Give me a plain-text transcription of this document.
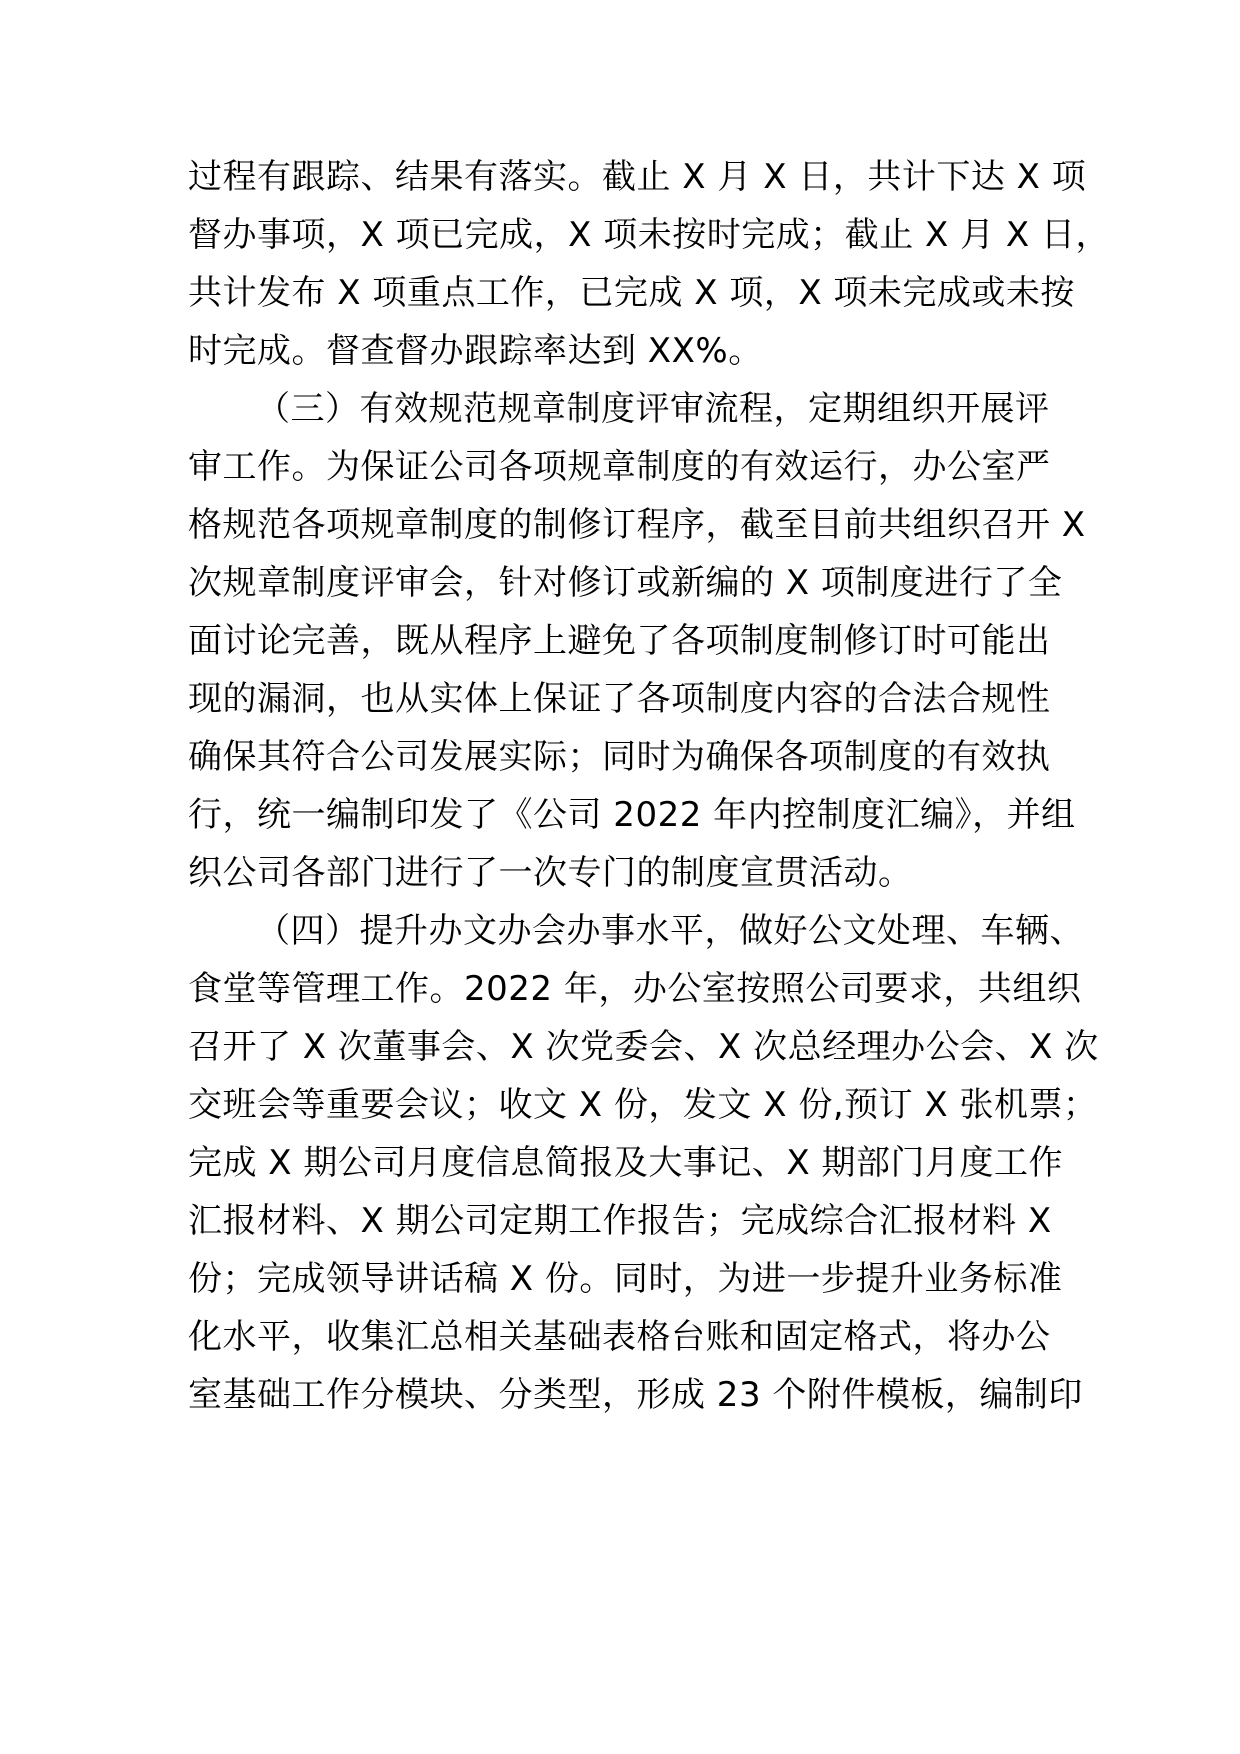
过程有跟踪、结果有落实。截止 X 月 X 日，共计下达 X 项
督办事项，X 项已完成，X 项未按时完成；截止 X 月 X 日，
共计发布 X 项重点工作，已完成 X 项，X 项未完成或未按
时完成。督查督办跟踪率达到 XX%。
（三）有效规范规章制度评审流程，定期组织开展评
审工作。为保证公司各项规章制度的有效运行，办公室严
格规范各项规章制度的制修订程序，截至目前共组织召开 X
次规章制度评审会，针对修订或新编的 X 项制度进行了全
面讨论完善，既从程序上避免了各项制度制修订时可能出
现的漏洞，也从实体上保证了各项制度内容的合法合规性
确保其符合公司发展实际；同时为确保各项制度的有效执
行，统一编制印发了《公司 2022 年内控制度汇编》，并组
织公司各部门进行了一次专门的制度宣贯活动。
（四）提升办文办会办事水平，做好公文处理、车辆、
食堂等管理工作。2022 年，办公室按照公司要求，共组织
召开了 X 次董事会、X 次党委会、X 次总经理办公会、X 次
交班会等重要会议；收文 X 份，发文 X 份,预订 X 张机票；
完成 X 期公司月度信息简报及大事记、X 期部门月度工作
汇报材料、X 期公司定期工作报告；完成综合汇报材料 X
份；完成领导讲话稿 X 份。同时，为进一步提升业务标准
化水平，收集汇总相关基础表格台账和固定格式，将办公
室基础工作分模块、分类型，形成 23 个附件模板，编制印
